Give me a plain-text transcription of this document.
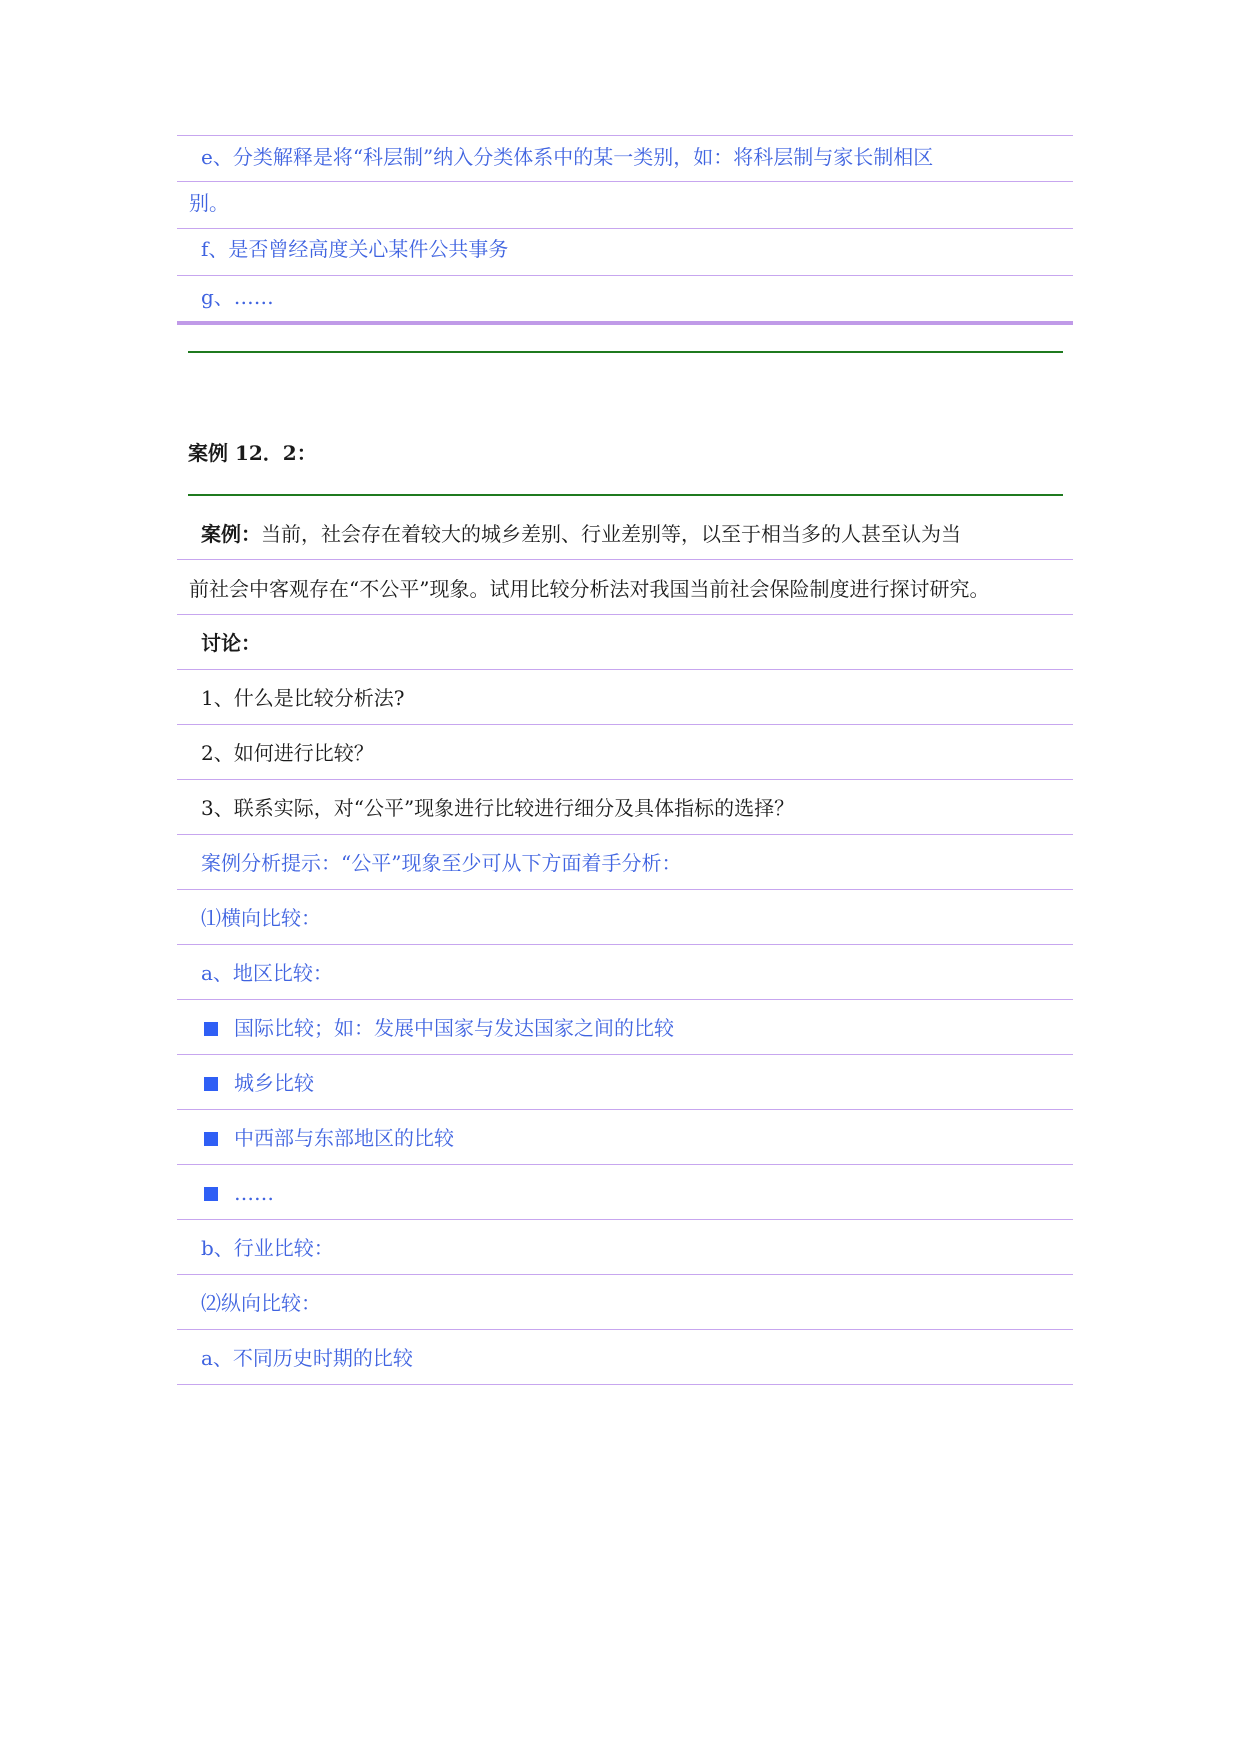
e、分类解释是将“科层制”纳入分类体系中的某一类别，如：将科层制与家长制相区
别。
f、是否曾经高度关心某件公共事务
g、……
案例 12．2：
案例：当前，社会存在着较大的城乡差别、行业差别等，以至于相当多的人甚至认为当
前社会中客观存在“不公平”现象。试用比较分析法对我国当前社会保险制度进行探讨研究。
讨论：
1、什么是比较分析法?
2、如何进行比较？
3、联系实际，对“公平”现象进行比较进行细分及具体指标的选择？
案例分析提示：“公平”现象至少可从下方面着手分析：
⑴横向比较：
a、地区比较：
国际比较；如：发展中国家与发达国家之间的比较
城乡比较
中西部与东部地区的比较
……
b、行业比较：
⑵纵向比较：
a、不同历史时期的比较
